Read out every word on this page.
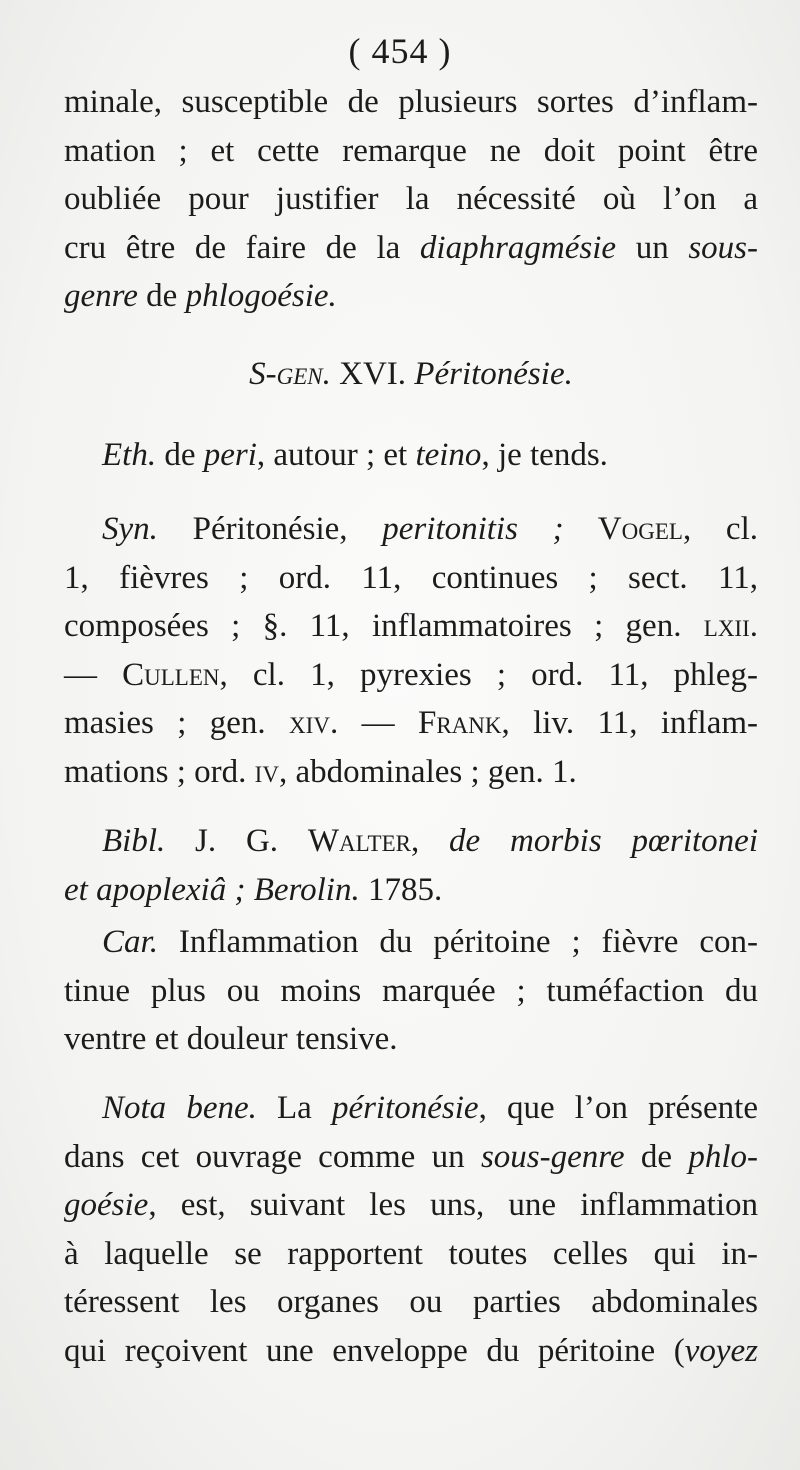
( 454 )
minale, susceptible de plusieurs sortes d’inflam-
mation ; et cette remarque ne doit point être
oubliée pour justifier la nécessité où l’on a
cru être de faire de la diaphragmésie un sous-
genre de phlogoésie.
S-gen. XVI. Péritonésie.
Eth. de peri, autour ; et teino, je tends.
Syn. Péritonésie, peritonitis ; Vogel, cl.
1, fièvres ; ord. 11, continues ; sect. 11,
composées ; §. 11, inflammatoires ; gen. lxii.
— Cullen, cl. 1, pyrexies ; ord. 11, phleg-
masies ; gen. xiv. — Frank, liv. 11, inflam-
mations ; ord. iv, abdominales ; gen. 1.
Bibl. J. G. Walter, de morbis pœritonei
et apoplexiâ ; Berolin. 1785.
Car. Inflammation du péritoine ; fièvre con-
tinue plus ou moins marquée ; tuméfaction du
ventre et douleur tensive.
Nota bene. La péritonésie, que l’on présente
dans cet ouvrage comme un sous-genre de phlo-
goésie, est, suivant les uns, une inflammation
à laquelle se rapportent toutes celles qui in-
téressent les organes ou parties abdominales
qui reçoivent une enveloppe du péritoine (voyez
